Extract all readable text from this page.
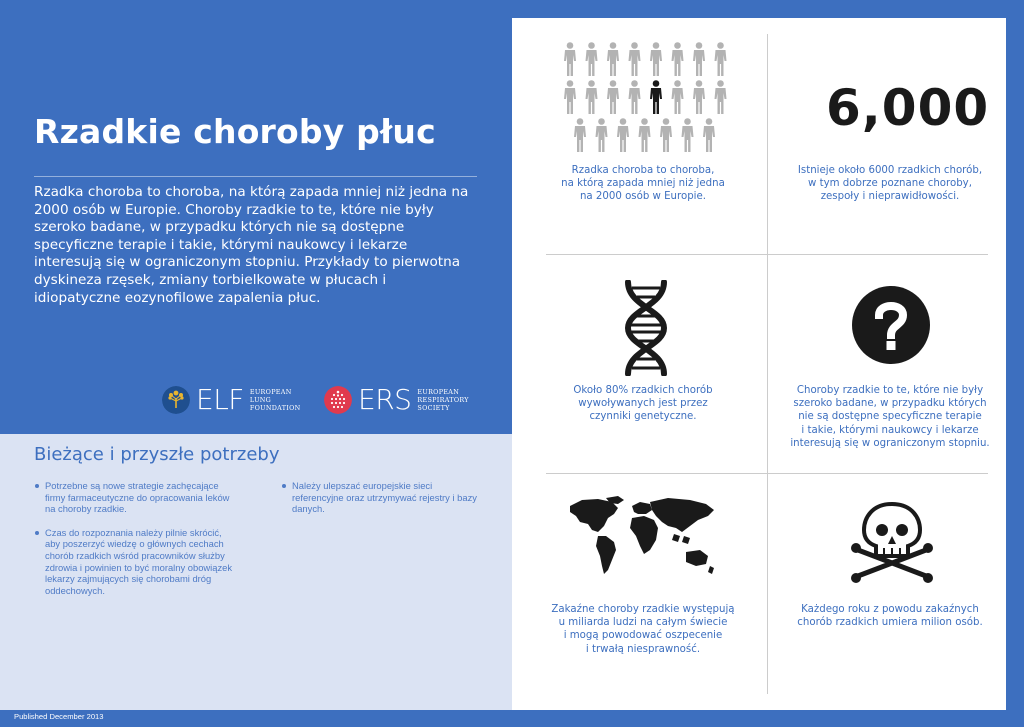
Rzadkie choroby płuc

Rzadka choroba to choroba, na którą zapada mniej niż jedna na 2000 osób w Europie. Choroby rzadkie to te, które nie były szeroko badane, w przypadku których nie są dostępne specyficzne terapie i takie, którymi naukowcy i lekarze interesują się w ograniczonym stopniu. Przykłady to pierwotna dyskineza rzęsek, zmiany torbielkowate w płucach i idiopatyczne eozynofilowe zapalenia płuc.

ELF EUROPEAN
LUNG
FOUNDATION ERS EUROPEAN
RESPIRATORY
SOCIETY
Bieżące i przyszłe potrzeby
Potrzebne są nowe strategie zachęcające firmy farmaceutyczne do opracowania leków na choroby rzadkie.
Czas do rozpoznania należy pilnie skrócić, aby poszerzyć wiedzę o głównych cechach chorób rzadkich wśród pracowników służby zdrowia i powinien to być moralny obowiązek lekarzy zajmujących się chorobami dróg oddechowych.
Należy ulepszać europejskie sieci referencyjne oraz utrzymywać rejestry i bazy danych.
Rzadka choroba to choroba,
na którą zapada mniej niż jedna
na 2000 osób w Europie.
6,000
Istnieje około 6000 rzadkich chorób,
w tym dobrze poznane choroby,
zespoły i nieprawidłowości.
Około 80% rzadkich chorób
wywoływanych jest przez
czynniki genetyczne.
Choroby rzadkie to te, które nie były
szeroko badane, w przypadku których
nie są dostępne specyficzne terapie
i takie, którymi naukowcy i lekarze
interesują się w ograniczonym stopniu.
Zakaźne choroby rzadkie występują
u miliarda ludzi na całym świecie
i mogą powodować oszpecenie
i trwałą niesprawność.
Każdego roku z powodu zakaźnych
chorób rzadkich umiera milion osób.
Published December 2013
